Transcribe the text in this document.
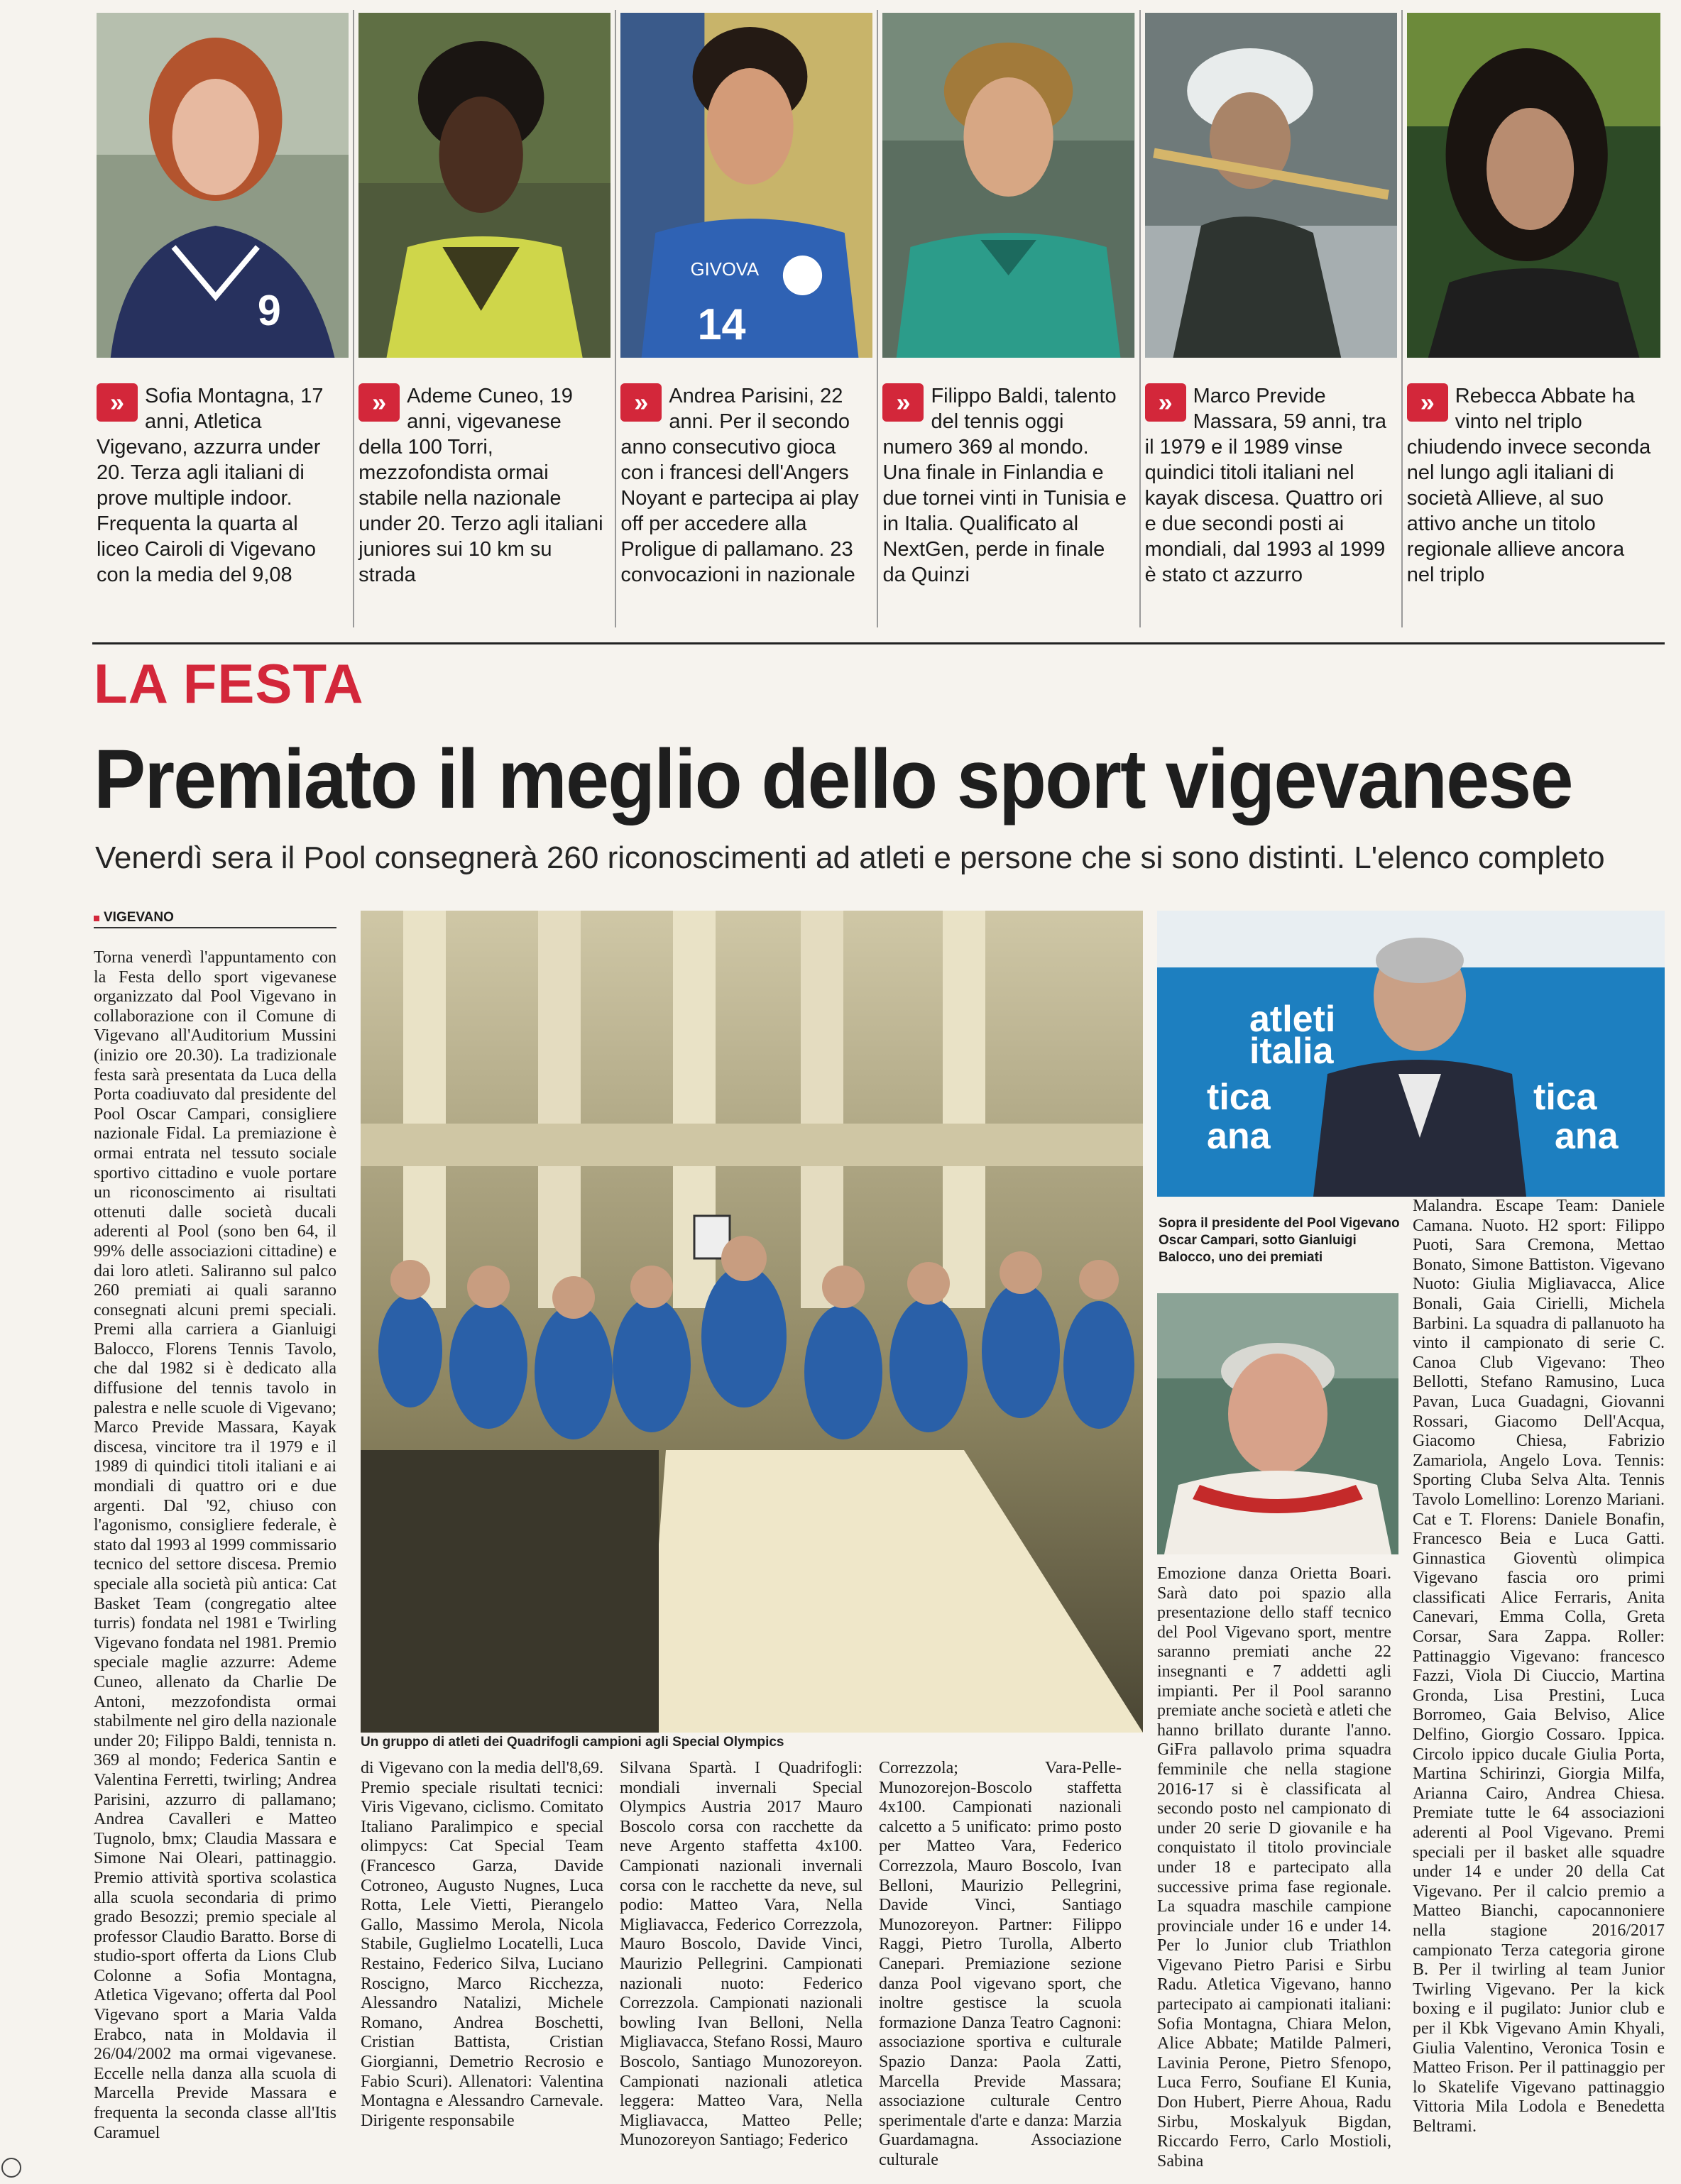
9
» Sofia Montagna, 17 anni, Atletica Vigevano, azzurra under 20. Terza agli italiani di prove multiple indoor. Frequenta la quarta al liceo Cairoli di Vigevano con la media del 9,08
» Ademe Cuneo, 19 anni, vigevanese della 100 Torri, mezzofondista ormai stabile nella nazionale under 20. Terzo agli italiani juniores sui 10 km su strada
GIVOVA
14
» Andrea Parisini, 22 anni. Per il secondo anno consecutivo gioca con i francesi dell'Angers Noyant e partecipa ai play off per accedere alla Proligue di pallamano. 23 convocazioni in nazionale
» Filippo Baldi, talento del tennis oggi numero 369 al mondo. Una finale in Finlandia e due tornei vinti in Tunisia e in Italia. Qualificato al NextGen, perde in finale da Quinzi
» Marco Previde Massara, 59 anni, tra il 1979 e il 1989 vinse quindici titoli italiani nel kayak discesa. Quattro ori e due secondi posti ai mondiali, dal 1993 al 1999 è stato ct azzurro
» Rebecca Abbate ha vinto nel triplo chiudendo invece seconda nel lungo agli italiani di società Allieve, al suo attivo anche un titolo regionale allieve ancora nel triplo
LA FESTA
Premiato il meglio dello sport vigevanese
Venerdì sera il Pool consegnerà 260 riconoscimenti ad atleti e persone che si sono distinti. L'elenco completo
VIGEVANO
Torna venerdì l'appuntamento con la Festa dello sport vigevanese organizzato dal Pool Vigevano in collaborazione con il Comune di Vigevano all'Auditorium Mussini (inizio ore 20.30). La tradizionale festa sarà presentata da Luca della Porta coadiuvato dal presidente del Pool Oscar Campari, consigliere nazionale Fidal. La premiazione è ormai entrata nel tessuto sociale sportivo cittadino e vuole portare un riconoscimento ai risultati ottenuti dalle società ducali aderenti al Pool (sono ben 64, il 99% delle associazioni cittadine) e dai loro atleti. Saliranno sul palco 260 premiati ai quali saranno consegnati alcuni premi speciali. Premi alla carriera a Gianluigi Balocco, Florens Tennis Tavolo, che dal 1982 si è dedicato alla diffusione del tennis tavolo in palestra e nelle scuole di Vigevano; Marco Previde Massara, Kayak discesa, vincitore tra il 1979 e il 1989 di quindici titoli italiani e ai mondiali di quattro ori e due argenti. Dal '92, chiuso con l'agonismo, consigliere federale, è stato dal 1993 al 1999 commissario tecnico del settore discesa. Premio speciale alla società più antica: Cat Basket Team (congregatio altee turris) fondata nel 1981 e Twirling Vigevano fondata nel 1981. Premio speciale maglie azzurre: Ademe Cuneo, allenato da Charlie De Antoni, mezzofondista ormai stabilmente nel giro della nazionale under 20; Filippo Baldi, tennista n. 369 al mondo; Federica Santin e Valentina Ferretti, twirling; Andrea Parisini, azzurro di pallamano; Andrea Cavalleri e Matteo Tugnolo, bmx; Claudia Massara e Simone Nai Oleari, pattinaggio. Premio attività sportiva scolastica alla scuola secondaria di primo grado Besozzi; premio speciale al professor Claudio Baratto. Borse di studio-sport offerta da Lions Club Colonne a Sofia Montagna, Atletica Vigevano; offerta dal Pool Vigevano sport a Maria Valda Erabco, nata in Moldavia il 26/04/2002 ma ormai vigevanese. Eccelle nella danza alla scuola di Marcella Previde Massara e frequenta la seconda classe all'Itis Caramuel
Un gruppo di atleti dei Quadrifogli campioni agli Special Olympics
di Vigevano con la media dell'8,69. Premio speciale risultati tecnici: Viris Vigevano, ciclismo. Comitato Italiano Paralimpico e special olimpycs: Cat Special Team (Francesco Garza, Davide Cotroneo, Augusto Nugnes, Luca Rotta, Lele Vietti, Pierangelo Gallo, Massimo Merola, Nicola Stabile, Guglielmo Locatelli, Luca Restaino, Federico Silva, Luciano Roscigno, Marco Ricchezza, Alessandro Natalizi, Michele Romano, Andrea Boschetti, Cristian Battista, Cristian Giorgianni, Demetrio Recrosio e Fabio Scuri). Allenatori: Valentina Montagna e Alessandro Carnevale. Dirigente responsabile
Silvana Spartà. I Quadrifogli: mondiali invernali Special Olympics Austria 2017 Mauro Boscolo corsa con racchette da neve Argento staffetta 4x100. Campionati nazionali invernali corsa con le racchette da neve, sul podio: Matteo Vara, Nella Migliavacca, Federico Correzzola, Mauro Boscolo, Davide Vinci, Maurizio Pellegrini. Campionati nazionali nuoto: Federico Correzzola. Campionati nazionali bowling Ivan Belloni, Nella Migliavacca, Stefano Rossi, Mauro Boscolo, Santiago Munozoreyon. Campionati nazionali atletica leggera: Matteo Vara, Nella Migliavacca, Matteo Pelle; Munozoreyon Santiago; Federico
Correzzola; Vara-Pelle-Munozorejon-Boscolo staffetta 4x100. Campionati nazionali calcetto a 5 unificato: primo posto per Matteo Vara, Federico Correzzola, Mauro Boscolo, Ivan Belloni, Maurizio Pellegrini, Davide Vinci, Santiago Munozoreyon. Partner: Filippo Raggi, Pietro Turolla, Alberto Canepari. Premiazione sezione danza Pool vigevano sport, che inoltre gestisce la scuola formazione Danza Teatro Cagnoni: associazione sportiva e culturale Spazio Danza: Paola Zatti, Marcella Previde Massara; associazione culturale Centro sperimentale d'arte e danza: Marzia Guardamagna. Associazione culturale
atleti
italia
tica
ana	ana
tica
Sopra il presidente del Pool Vigevano Oscar Campari, sotto Gianluigi Balocco, uno dei premiati
Emozione danza Orietta Boari. Sarà dato poi spazio alla presentazione dello staff tecnico del Pool Vigevano sport, mentre saranno premiati anche 22 insegnanti e 7 addetti agli impianti. Per il Pool saranno premiate anche società e atleti che hanno brillato durante l'anno. GiFra pallavolo prima squadra femminile che nella stagione 2016-17 si è classificata al secondo posto nel campionato di under 20 serie D giovanile e ha conquistato il titolo provinciale under 18 e partecipato alla successive prima fase regionale. La squadra maschile campione provinciale under 16 e under 14. Per lo Junior club Triathlon Vigevano Pietro Parisi e Sirbu Radu. Atletica Vigevano, hanno partecipato ai campionati italiani: Sofia Montagna, Chiara Melon, Alice Abbate; Matilde Palmeri, Lavinia Perone, Pietro Sfenopo, Luca Ferro, Soufiane El Kunia, Don Hubert, Pierre Ahoua, Radu Sirbu, Moskalyuk Bigdan, Riccardo Ferro, Carlo Mostioli, Sabina
Malandra. Escape Team: Daniele Camana. Nuoto. H2 sport: Filippo Puoti, Sara Cremona, Mettao Bonato, Simone Battiston. Vigevano Nuoto: Giulia Migliavacca, Alice Bonali, Gaia Cirielli, Michela Barbini. La squadra di pallanuoto ha vinto il campionato di serie C. Canoa Club Vigevano: Theo Bellotti, Stefano Ramusino, Luca Pavan, Luca Guadagni, Giovanni Rossari, Giacomo Dell'Acqua, Giacomo Chiesa, Fabrizio Zamariola, Angelo Lova. Tennis: Sporting Cluba Selva Alta. Tennis Tavolo Lomellino: Lorenzo Mariani. Cat e T. Florens: Daniele Bonafin, Francesco Beia e Luca Gatti. Ginnastica Gioventù olimpica Vigevano fascia oro primi classificati Alice Ferraris, Anita Canevari, Emma Colla, Greta Corsar, Sara Zappa. Roller: Pattinaggio Vigevano: francesco Fazzi, Viola Di Ciuccio, Martina Gronda, Lisa Prestini, Luca Borromeo, Gaia Belviso, Alice Delfino, Giorgio Cossaro. Ippica. Circolo ippico ducale Giulia Porta, Martina Schirinzi, Giorgia Milfa, Arianna Cairo, Andrea Chiesa. Premiate tutte le 64 associazioni aderenti al Pool Vigevano. Premi speciali per il basket alle squadre under 14 e under 20 della Cat Vigevano. Per il calcio premio a Matteo Bianchi, capocannoniere nella stagione 2016/2017 campionato Terza categoria girone B. Per il twirling al team Junior Twirling Vigevano. Per la kick boxing e il pugilato: Junior club e per il Kbk Vigevano Amin Khyali, Giulia Valentino, Veronica Tosin e Matteo Frison. Per il pattinaggio per lo Skatelife Vigevano pattinaggio Vittoria Mila Lodola e Benedetta Beltrami.
